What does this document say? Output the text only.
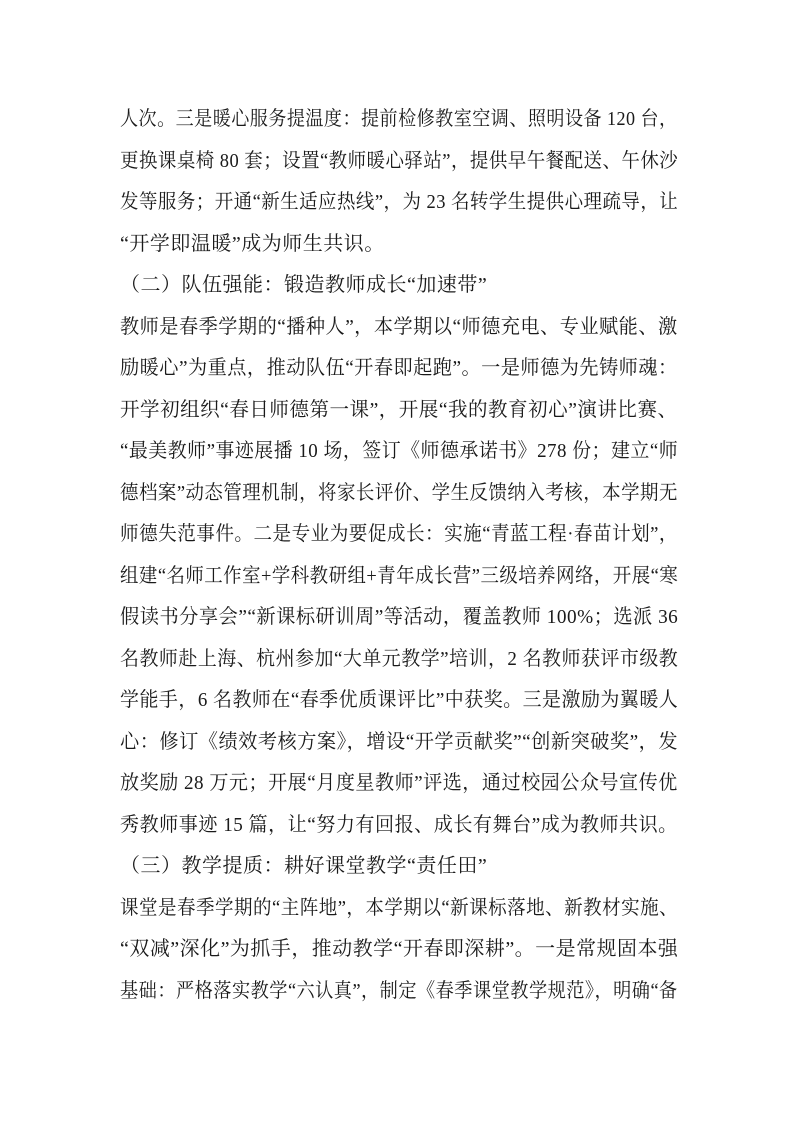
人次。三是暖心服务提温度：提前检修教室空调、照明设备 120 台，
更换课桌椅 80 套；设置“教师暖心驿站”，提供早午餐配送、午休沙
发等服务；开通“新生适应热线”，为 23 名转学生提供心理疏导，让
“开学即温暖”成为师生共识。
（二）队伍强能：锻造教师成长“加速带”
教师是春季学期的“播种人”，本学期以“师德充电、专业赋能、激
励暖心”为重点，推动队伍“开春即起跑”。一是师德为先铸师魂：
开学初组织“春日师德第一课”，开展“我的教育初心”演讲比赛、
“最美教师”事迹展播 10 场，签订《师德承诺书》278 份；建立“师
德档案”动态管理机制，将家长评价、学生反馈纳入考核，本学期无
师德失范事件。二是专业为要促成长：实施“青蓝工程·春苗计划”，
组建“名师工作室+学科教研组+青年成长营”三级培养网络，开展“寒
假读书分享会”“新课标研训周”等活动，覆盖教师 100%；选派 36
名教师赴上海、杭州参加“大单元教学”培训，2 名教师获评市级教
学能手，6 名教师在“春季优质课评比”中获奖。三是激励为翼暖人
心：修订《绩效考核方案》，增设“开学贡献奖”“创新突破奖”，发
放奖励 28 万元；开展“月度星教师”评选，通过校园公众号宣传优
秀教师事迹 15 篇，让“努力有回报、成长有舞台”成为教师共识。
（三）教学提质：耕好课堂教学“责任田”
课堂是春季学期的“主阵地”，本学期以“新课标落地、新教材实施、
“双减”深化”为抓手，推动教学“开春即深耕”。一是常规固本强
基础：严格落实教学“六认真”，制定《春季课堂教学规范》，明确“备
